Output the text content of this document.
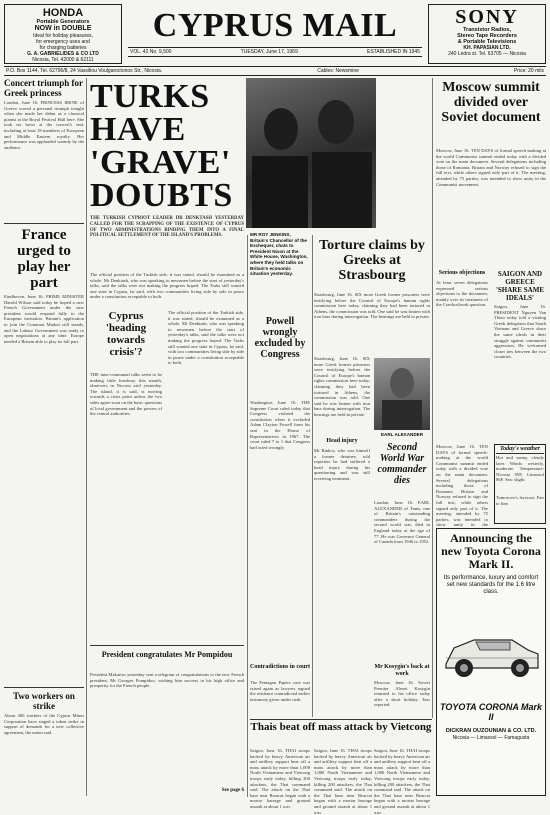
HONDA
Portable Generators
NOW in DOUBLE
Ideal for holiday pleasures,
for emergency uses and
for charging batteries
G. A. GABRIELIDES & CO LTD
Nicosia, Tel. 42000 & 62111
CYPRUS MAIL	SONY
Transistor Radios,
Stereo Tape Recorders
& Portable Televisions
KH. PAPASIAN LTD.
240 Ledra st. Tel. 63705 — Nicosia
VOL. 42 No. 9,500	TUESDAY, June 17, 1969	ESTABLISHED IN 1945
P.O. Box 1144, Tel. 62796/8, 24 Vassiliou Voulgaroctonos Str., Nicosia.	Cables: Newsmine	Price: 20 mils
Concert triumph for Greek princess
London, June 16. PRINCESS IRENE of Greece scored a personal triumph tonight when she made her debut as a classical pianist at the Royal Festival Hall here. She took six bows at the concert's end, including at least 18 members of European and Middle Eastern royalty. Her performance was applauded warmly by the audience.
France urged to play her part
Eindhoven, June 16. PRIME MINISTER Harold Wilson said today he hoped a new French Government under the new president would respond fully to the European invitation. Britain's application to join the Common Market still stands, and the Labour Government was ready to open negotiations at any time. Europe needed a Britain able to play its full part.
Two workers on strike
About 400 workers of the Cyprus Mines Corporation have staged a token strike in support of demands for a new collective agreement, the union said.
TURKS
HAVE
'GRAVE'
DOUBTS
MR ROY JENKINS, Britain's Chancellor of the Exchequer, chats to President Nixon at the White House, Washington, where they held talks on Britain's economic situation yesterday.
THE TURKISH CYPRIOT LEADER DR DENKTASH YESTERDAY CALLED FOR THE SCRAPPING OF THE EXISTENCE OF CYPRUS OF TWO ADMINISTRATIONS BINDING THEM INTO A FINAL POLITICAL SETTLEMENT OF THE ISLAND'S PROBLEMS.
The official position of the Turkish side, it was stated, should be examined as a whole. Mr Denktash, who was speaking to newsmen before the start of yesterday's talks, said the talks were not making the progress hoped. The Turks still wanted one state in Cyprus, he said, with two communities living side by side in peace under a constitution acceptable to both.
Cyprus 'heading towards crisis'?
THE inter-communal talks seem to be making little headway this month, observers in Nicosia said yesterday. The island, it is said, is moving towards a crisis point unless the two sides agree soon on the basic questions of local government and the powers of the central authorities.
The official position of the Turkish side, it was stated, should be examined as a whole. Mr Denktash, who was speaking to newsmen before the start of yesterday's talks, said the talks were not making the progress hoped. The Turks still wanted one state in Cyprus, he said, with two communities living side by side in peace under a constitution acceptable to both.
President congratulates Mr Pompidou
President Makarios yesterday sent a telegram of congratulations to the new French president, Mr Georges Pompidou, wishing him success in his high office and prosperity for the French people.
Powell wrongly excluded by Congress
Washington, June 16. THE Supreme Court ruled today that Congress violated the constitution when it excluded Adam Clayton Powell from his seat in the House of Representatives in 1967. The court ruled 7 to 1 that Congress had acted wrongly.
Contradictions in court
The Pentagon Papers case was raised again as lawyers argued the evidence contradicted earlier testimony given under oath.
Torture claims by Greeks at Strasbourg
Strasbourg, June 16. SIX more Greek former prisoners were testifying before the Council of Europe's human rights commission here today, claiming they had been tortured in Athens, the commission was told. One said he was beaten with iron bars during interrogation. The hearings are held in private.
Strasbourg, June 16. SIX more Greek former prisoners were testifying before the Council of Europe's human rights commission here today, claiming they had been tortured in Athens, the commission was told. One said he was beaten with iron bars during interrogation. The hearings are held in private.
Head injury
Mr Rinkos, who was himself a former detainee, told reporters he had suffered a head injury during his questioning and was still receiving treatment.
EARL ALEXANDER
Second World War commander dies
London, June 16. EARL ALEXANDER of Tunis, one of Britain's outstanding commanders during the second world war, died in England today at the age of 77. He was Governor General of Canada from 1946 to 1952.
Mr Kosygin's back at work
Moscow, June 16. Soviet Premier Alexei Kosygin returned to his office today after a short holiday, Tass reported.
Moscow summit divided over Soviet document
Moscow, June 16. TEN DAYS of formal speech-making at the world Communist summit ended today with a divided vote on the main document. Several delegations including those of Romania, Britain and Norway refused to sign the full text, while others signed only part of it. The meeting, attended by 75 parties, was intended to show unity in the Communist movement.
Serious objections
At least seven delegations expressed serious objections to the document, mainly over its treatment of the Czechoslovak question.
SAIGON AND GREECE 'SHARE SAME IDEALS'
Saigon, June 16. PRESIDENT Nguyen Van Thieu today told a visiting Greek delegation that South Vietnam and Greece share the same ideals in their struggle against communist aggression. He welcomed closer ties between the two countries.
Today's weather
Hot and sunny, cloudy later. Winds: westerly, moderate. Temperature: Nicosia 95F, Limassol 86F. Sea: slight.
Tomorrow's forecast: Fair to fine.
Moscow, June 16. TEN DAYS of formal speech-making at the world Communist summit ended today with a divided vote on the main document. Several delegations including those of Romania, Britain and Norway refused to sign the full text, while others signed only part of it. The meeting, attended by 75 parties, was intended to show unity in the
Announcing the new Toyota Corona Mark II.
Its performance, luxury and comfort set new standards for the 1.6 litre class.
TOYOTA CORONA Mark II
DICKRAN OUZOUNIAN & CO. LTD.
Nicosia — Limassol — Famagusta
Thais beat off mass attack by Vietcong
Saigon, June 16. THAI troops backed by heavy American air and artillery support beat off a mass attack by more than 1,000 North Vietnamese and Vietcong troops early today, killing 200 attackers, the Thai command said. The attack on the Thai base near Bearcat began with a mortar barrage and ground assault at about 1 a.m.
Saigon, June 16. THAI troops backed by heavy American air and artillery support beat off a mass attack by more than 1,000 North Vietnamese and Vietcong troops early today, killing 200 attackers, the Thai command said. The attack on the Thai base near Bearcat began with a mortar barrage and ground assault at about 1 a.m.
Saigon, June 16. THAI troops backed by heavy American air and artillery support beat off a mass attack by more than 1,000 North Vietnamese and Vietcong troops early today, killing 200 attackers, the Thai command said. The attack on the Thai base near Bearcat began with a mortar barrage and ground assault at about 1 a.m.
See page 6
